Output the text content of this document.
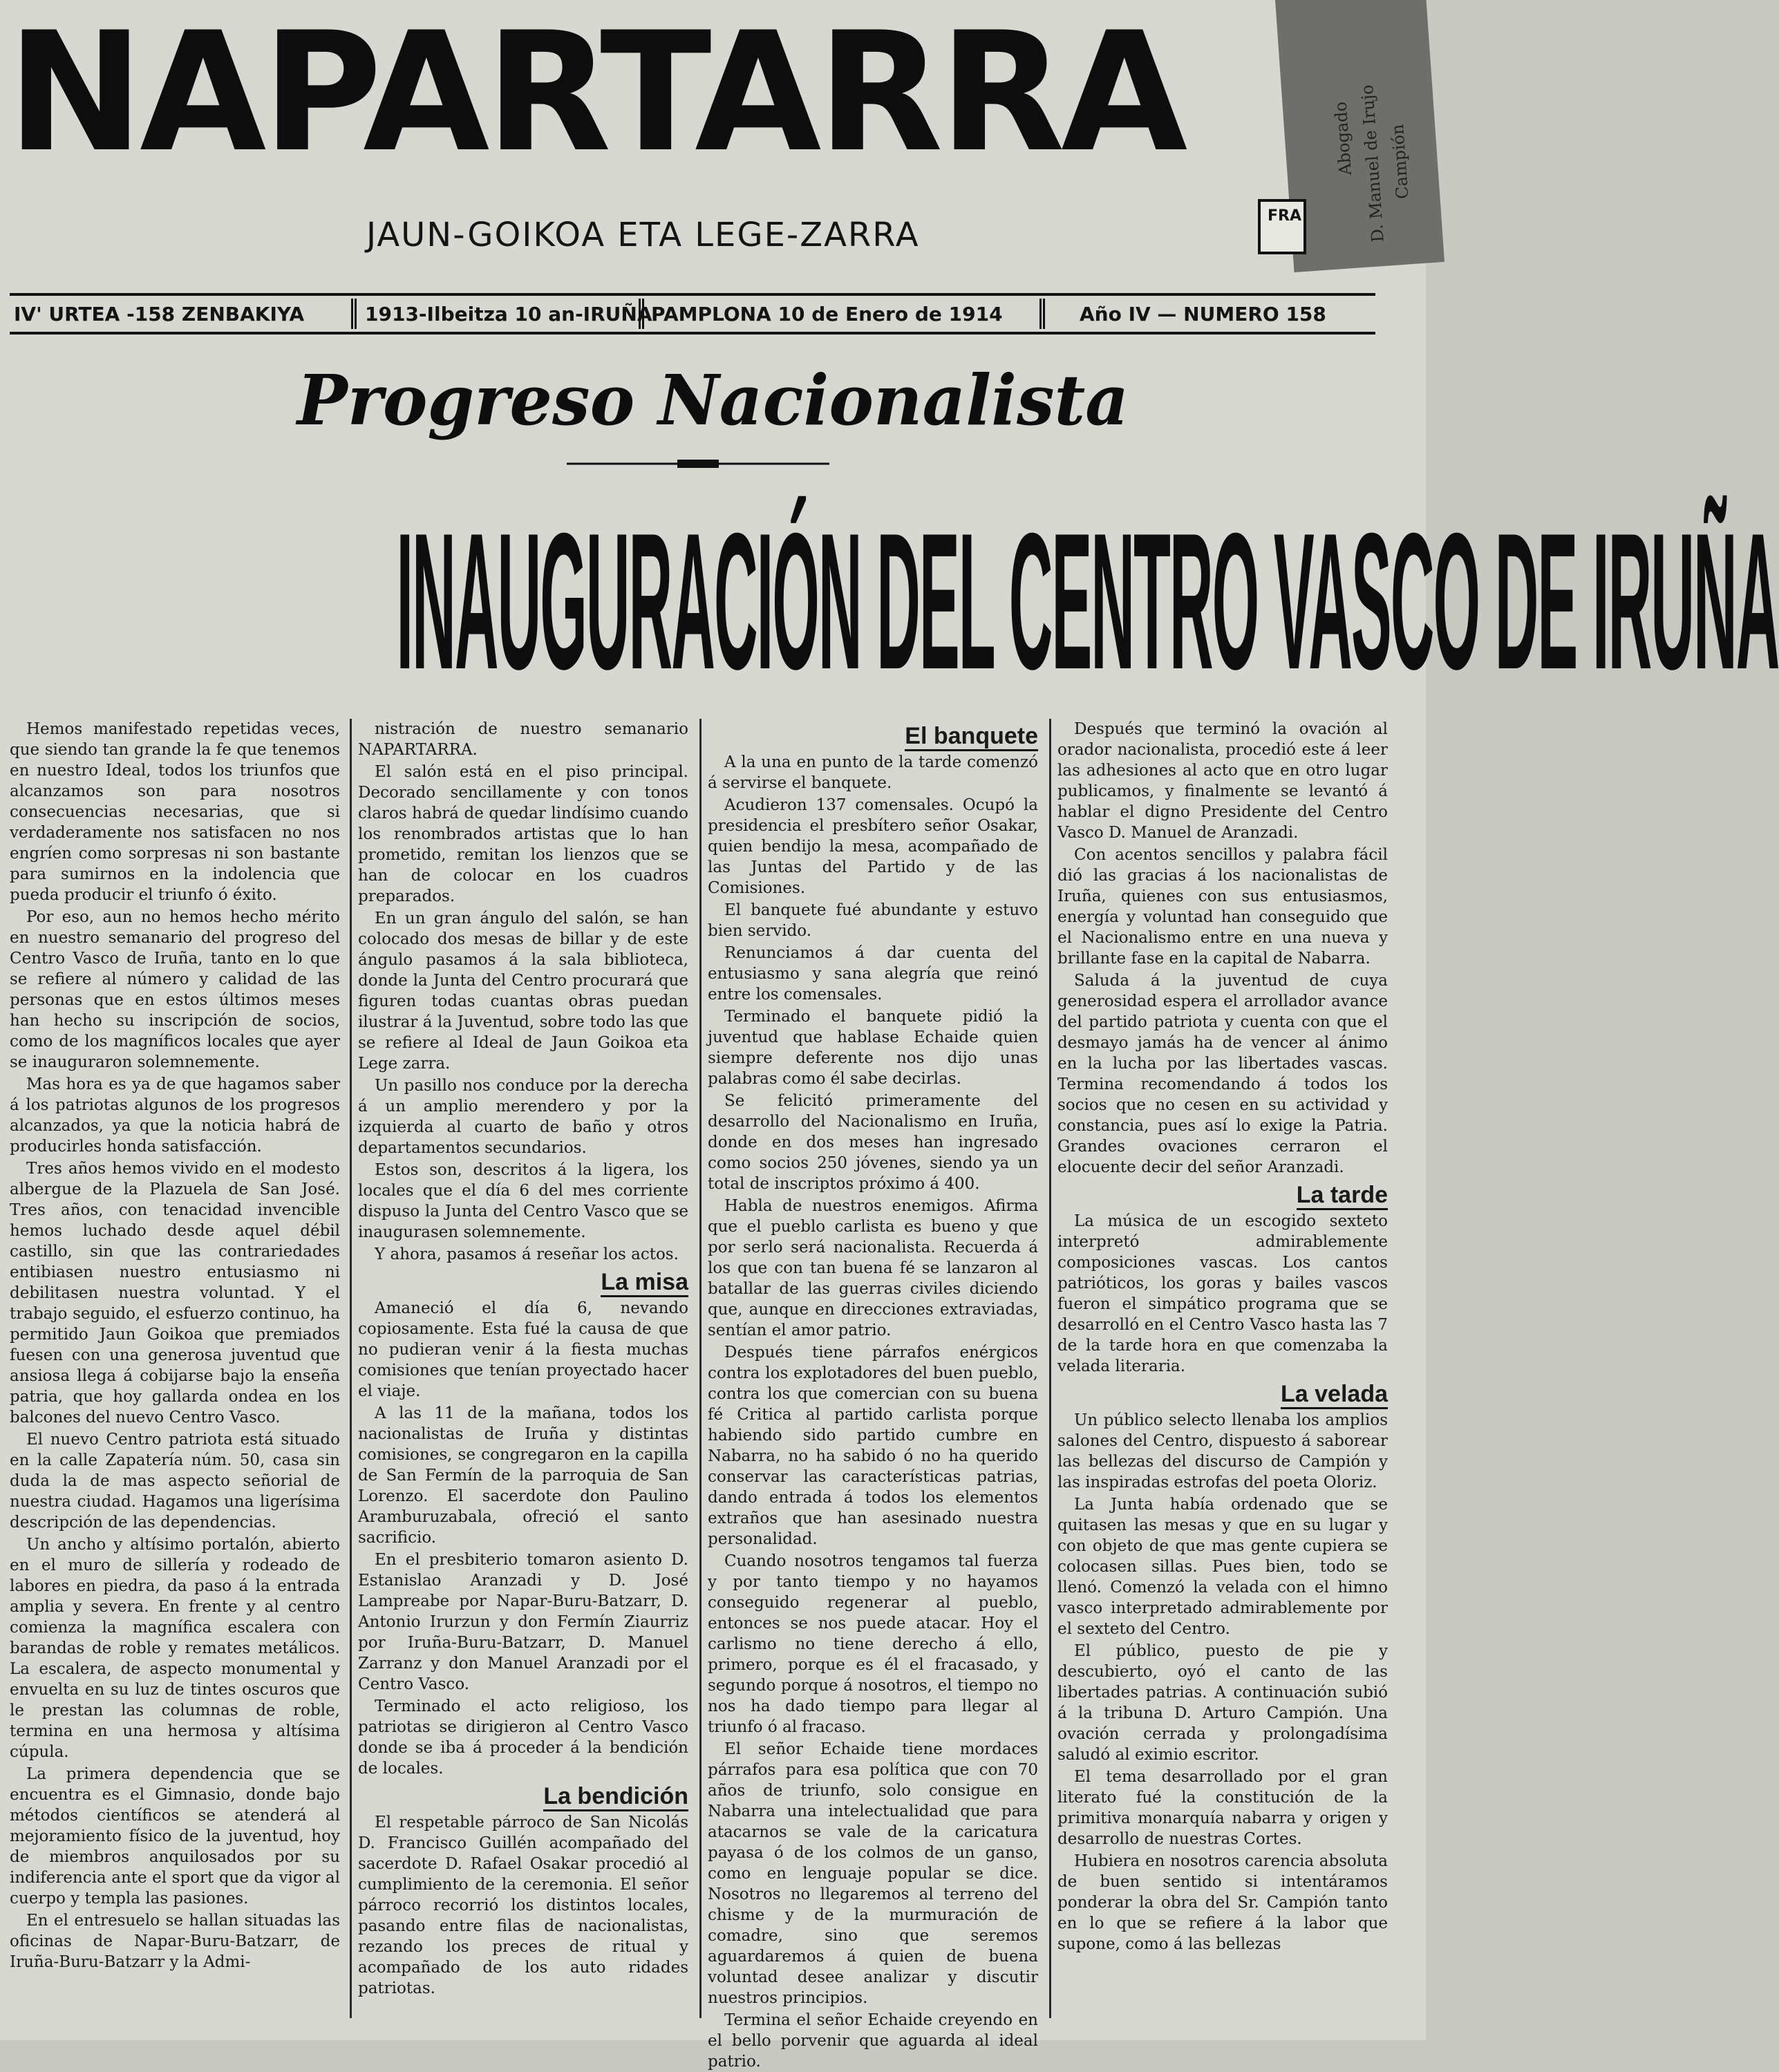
NAPARTARRA	Campión
D. Manuel de Irujo
Abogado
JAUN-GOIKOA ETA LEGE-ZARRA	FRA
IV' URTEA -158 ZENBAKIYA	1913-Ilbeitza 10 an-IRUÑA
PAMPLONA 10 de Enero de 1914	Año IV — NUMERO 158
Progreso Nacionalista
INAUGURACIÓN DEL CENTRO VASCO DE IRUÑA

Hemos manifestado repetidas veces, que siendo tan grande la fe que tenemos en nuestro Ideal, todos los triunfos que alcanzamos son para nosotros consecuencias necesarias, que si verdaderamente nos satisfacen no nos engríen como sorpresas ni son bastante para sumirnos en la indolencia que pueda producir el triunfo ó éxito.

Por eso, aun no hemos hecho mérito en nuestro semanario del progreso del Centro Vasco de Iruña, tanto en lo que se refiere al número y calidad de las personas que en estos últimos meses han hecho su inscripción de socios, como de los magníficos locales que ayer se inauguraron solemnemente.

Mas hora es ya de que hagamos saber á los patriotas algunos de los progresos alcanzados, ya que la noticia habrá de producirles honda satisfacción.

Tres años hemos vivido en el modesto albergue de la Plazuela de San José. Tres años, con tenacidad invencible hemos luchado desde aquel débil castillo, sin que las contrariedades entibiasen nuestro entusiasmo ni debilitasen nuestra voluntad. Y el trabajo seguido, el esfuerzo continuo, ha permitido Jaun Goikoa que premiados fuesen con una generosa juventud que ansiosa llega á cobijarse bajo la enseña patria, que hoy gallarda ondea en los balcones del nuevo Centro Vasco.

El nuevo Centro patriota está situado en la calle Zapatería núm. 50, casa sin duda la de mas aspecto señorial de nuestra ciudad. Hagamos una ligerísima descripción de las dependencias.

Un ancho y altísimo portalón, abierto en el muro de sillería y rodeado de labores en piedra, da paso á la entrada amplia y severa. En frente y al centro comienza la magnífica escalera con barandas de roble y remates metálicos. La escalera, de aspecto monumental y envuelta en su luz de tintes oscuros que le prestan las columnas de roble, termina en una hermosa y altísima cúpula.

La primera dependencia que se encuentra es el Gimnasio, donde bajo métodos científicos se atenderá al mejoramiento físico de la juventud, hoy de miembros anquilosados por su indiferencia ante el sport que da vigor al cuerpo y templa las pasiones.

En el entresuelo se hallan situadas las oficinas de Napar-Buru-Batzarr, de Iruña-Buru-Batzarr y la Admi-

nistración de nuestro semanario NAPARTARRA.

El salón está en el piso principal. Decorado sencillamente y con tonos claros habrá de quedar lindísimo cuando los renombrados artistas que lo han prometido, remitan los lienzos que se han de colocar en los cuadros preparados.

En un gran ángulo del salón, se han colocado dos mesas de billar y de este ángulo pasamos á la sala biblioteca, donde la Junta del Centro procurará que figuren todas cuantas obras puedan ilustrar á la Juventud, sobre todo las que se refiere al Ideal de Jaun Goikoa eta Lege zarra.

Un pasillo nos conduce por la derecha á un amplio merendero y por la izquierda al cuarto de baño y otros departamentos secundarios.

Estos son, descritos á la ligera, los locales que el día 6 del mes corriente dispuso la Junta del Centro Vasco que se inaugurasen solemnemente.

Y ahora, pasamos á reseñar los actos.

La misa

Amaneció el día 6, nevando copiosamente. Esta fué la causa de que no pudieran venir á la fiesta muchas comisiones que tenían proyectado hacer el viaje.

A las 11 de la mañana, todos los nacionalistas de Iruña y distintas comisiones, se congregaron en la capilla de San Fermín de la parroquia de San Lorenzo. El sacerdote don Paulino Aramburuzabala, ofreció el santo sacrificio.

En el presbiterio tomaron asiento D. Estanislao Aranzadi y D. José Lampreabe por Napar-Buru-Batzarr, D. Antonio Irurzun y don Fermín Ziaurriz por Iruña-Buru-Batzarr, D. Manuel Zarranz y don Manuel Aranzadi por el Centro Vasco.

Terminado el acto religioso, los patriotas se dirigieron al Centro Vasco donde se iba á proceder á la bendición de locales.

La bendición

El respetable párroco de San Nicolás D. Francisco Guillén acompañado del sacerdote D. Rafael Osakar procedió al cumplimiento de la ceremonia. El señor párroco recorrió los distintos locales, pasando entre filas de nacionalistas, rezando los preces de ritual y acompañado de los auto ridades patriotas.

El banquete

A la una en punto de la tarde comenzó á servirse el banquete.

Acudieron 137 comensales. Ocupó la presidencia el presbítero señor Osakar, quien bendijo la mesa, acompañado de las Juntas del Partido y de las Comisiones.

El banquete fué abundante y estuvo bien servido.

Renunciamos á dar cuenta del entusiasmo y sana alegría que reinó entre los comensales.

Terminado el banquete pidió la juventud que hablase Echaide quien siempre deferente nos dijo unas palabras como él sabe decirlas.

Se felicitó primeramente del desarrollo del Nacionalismo en Iruña, donde en dos meses han ingresado como socios 250 jóvenes, siendo ya un total de inscriptos próximo á 400.

Habla de nuestros enemigos. Afirma que el pueblo carlista es bueno y que por serlo será nacionalista. Recuerda á los que con tan buena fé se lanzaron al batallar de las guerras civiles diciendo que, aunque en direcciones extraviadas, sentían el amor patrio.

Después tiene párrafos enérgicos contra los explotadores del buen pueblo, contra los que comercian con su buena fé Critica al partido carlista porque habiendo sido partido cumbre en Nabarra, no ha sabido ó no ha querido conservar las características patrias, dando entrada á todos los elementos extraños que han asesinado nuestra personalidad.

Cuando nosotros tengamos tal fuerza y por tanto tiempo y no hayamos conseguido regenerar al pueblo, entonces se nos puede atacar. Hoy el carlismo no tiene derecho á ello, primero, porque es él el fracasado, y segundo porque á nosotros, el tiempo no nos ha dado tiempo para llegar al triunfo ó al fracaso.

El señor Echaide tiene mordaces párrafos para esa política que con 70 años de triunfo, solo consigue en Nabarra una intelectualidad que para atacarnos se vale de la caricatura payasa ó de los colmos de un ganso, como en lenguaje popular se dice. Nosotros no llegaremos al terreno del chisme y de la murmuración de comadre, sino que seremos aguardaremos á quien de buena voluntad desee analizar y discutir nuestros principios.

Termina el señor Echaide creyendo en el bello porvenir que aguarda al ideal patrio.

Después que terminó la ovación al orador nacionalista, procedió este á leer las adhesiones al acto que en otro lugar publicamos, y finalmente se levantó á hablar el digno Presidente del Centro Vasco D. Manuel de Aranzadi.

Con acentos sencillos y palabra fácil dió las gracias á los nacionalistas de Iruña, quienes con sus entusiasmos, energía y voluntad han conseguido que el Nacionalismo entre en una nueva y brillante fase en la capital de Nabarra.

Saluda á la juventud de cuya generosidad espera el arrollador avance del partido patriota y cuenta con que el desmayo jamás ha de vencer al ánimo en la lucha por las libertades vascas. Termina recomendando á todos los socios que no cesen en su actividad y constancia, pues así lo exige la Patria. Grandes ovaciones cerraron el elocuente decir del señor Aranzadi.

La tarde

La música de un escogido sexteto interpretó admirablemente composiciones vascas. Los cantos patrióticos, los goras y bailes vascos fueron el simpático programa que se desarrolló en el Centro Vasco hasta las 7 de la tarde hora en que comenzaba la velada literaria.

La velada

Un público selecto llenaba los amplios salones del Centro, dispuesto á saborear las bellezas del discurso de Campión y las inspiradas estrofas del poeta Oloriz.

La Junta había ordenado que se quitasen las mesas y que en su lugar y con objeto de que mas gente cupiera se colocasen sillas. Pues bien, todo se llenó. Comenzó la velada con el himno vasco interpretado admirablemente por el sexteto del Centro.

El público, puesto de pie y descubierto, oyó el canto de las libertades patrias. A continuación subió á la tribuna D. Arturo Campión. Una ovación cerrada y prolongadísima saludó al eximio escritor.

El tema desarrollado por el gran literato fué la constitución de la primitiva monarquía nabarra y origen y desarrollo de nuestras Cortes.

Hubiera en nosotros carencia absoluta de buen sentido si intentáramos ponderar la obra del Sr. Campión tanto en lo que se refiere á la labor que supone, como á las bellezas
